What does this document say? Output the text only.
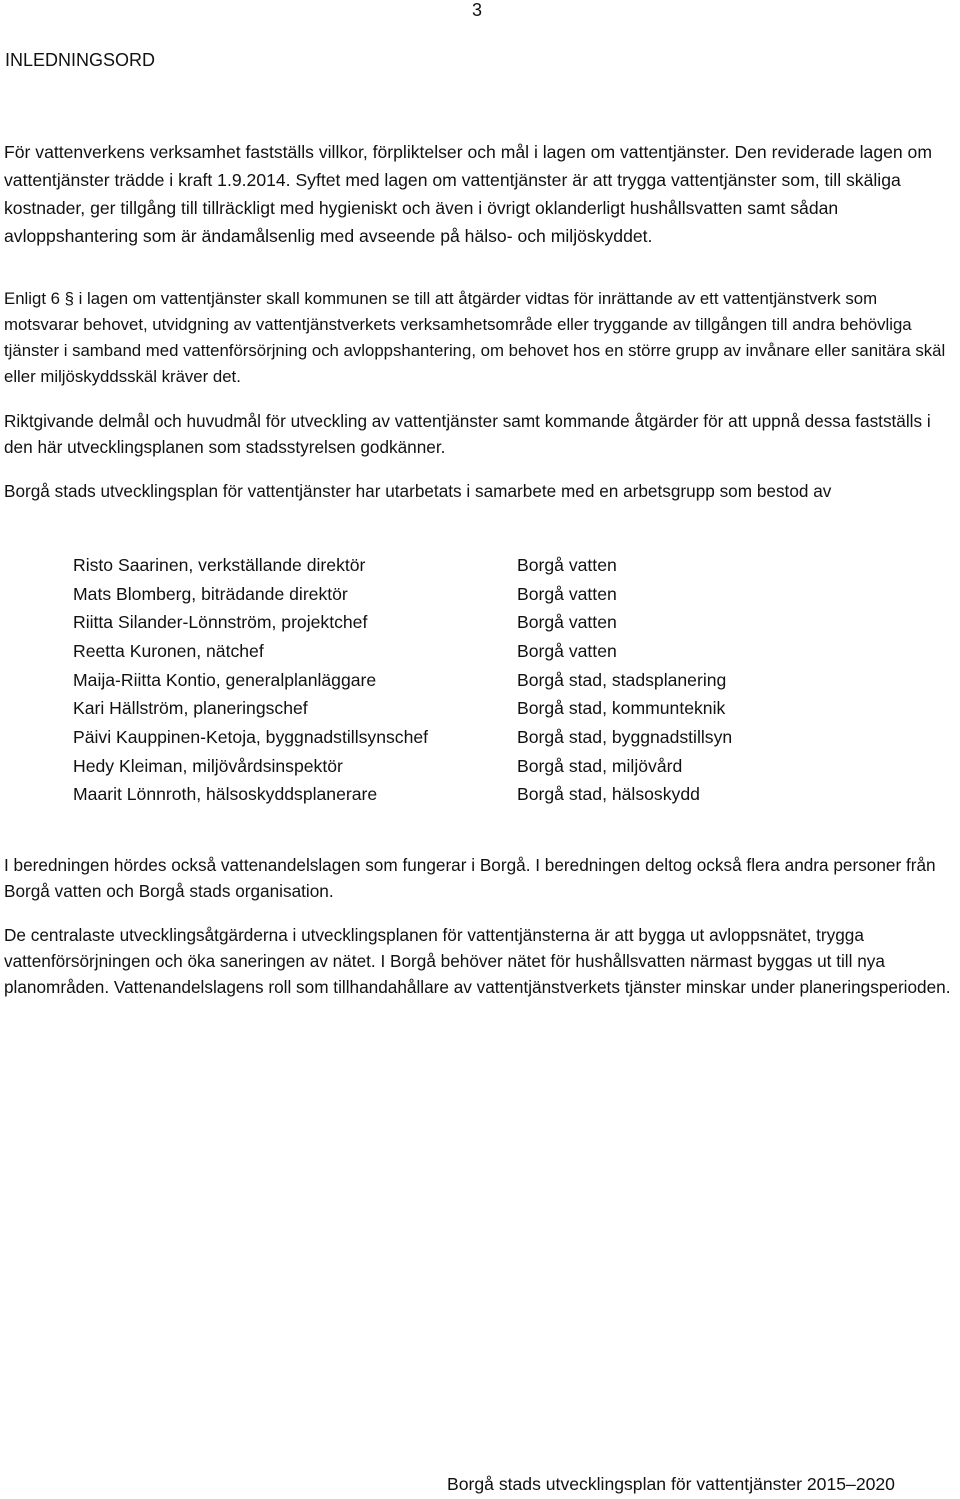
3
INLEDNINGSORD

För vattenverkens verksamhet fastställs villkor, förpliktelser och mål i lagen om vattentjänster. Den reviderade lagen om vattentjänster trädde i kraft 1.9.2014. Syftet med lagen om vattentjänster är att trygga vattentjänster som, till skäliga kostnader, ger tillgång till tillräckligt med hygieniskt och även i övrigt oklanderligt hushållsvatten samt sådan avloppshantering som är ändamålsenlig med avseende på hälso- och miljöskyddet.

Enligt 6 § i lagen om vattentjänster skall kommunen se till att åtgärder vidtas för inrättande av ett vattentjänstverk som motsvarar behovet, utvidgning av vattentjänstverkets verksamhetsområde eller tryggande av tillgången till andra behövliga tjänster i samband med vattenförsörjning och avloppshantering, om behovet hos en större grupp av invånare eller sanitära skäl eller miljöskyddsskäl kräver det.

Riktgivande delmål och huvudmål för utveckling av vattentjänster samt kommande åtgärder för att uppnå dessa fastställs i den här utvecklingsplanen som stadsstyrelsen godkänner.

Borgå stads utvecklingsplan för vattentjänster har utarbetats i samarbete med en arbetsgrupp som bestod av

Risto Saarinen, verkställande direktör	Borgå vatten
Mats Blomberg, biträdande direktör	Borgå vatten
Riitta Silander-Lönnström, projektchef	Borgå vatten
Reetta Kuronen, nätchef	Borgå vatten
Maija-Riitta Kontio, generalplanläggare	Borgå stad, stadsplanering
Kari Hällström, planeringschef	Borgå stad, kommunteknik
Päivi Kauppinen-Ketoja, byggnadstillsynschef	Borgå stad, byggnadstillsyn
Hedy Kleiman, miljövårdsinspektör	Borgå stad, miljövård
Maarit Lönnroth, hälsoskyddsplanerare	Borgå stad, hälsoskydd

I beredningen hördes också vattenandelslagen som fungerar i Borgå. I beredningen deltog också flera andra personer från Borgå vatten och Borgå stads organisation.

De centralaste utvecklingsåtgärderna i utvecklingsplanen för vattentjänsterna är att bygga ut avloppsnätet, trygga vattenförsörjningen och öka saneringen av nätet. I Borgå behöver nätet för hushållsvatten närmast byggas ut till nya planområden. Vattenandelslagens roll som tillhandahållare av vattentjänstverkets tjänster minskar under planeringsperioden.

Borgå stads utvecklingsplan för vattentjänster 2015–2020
